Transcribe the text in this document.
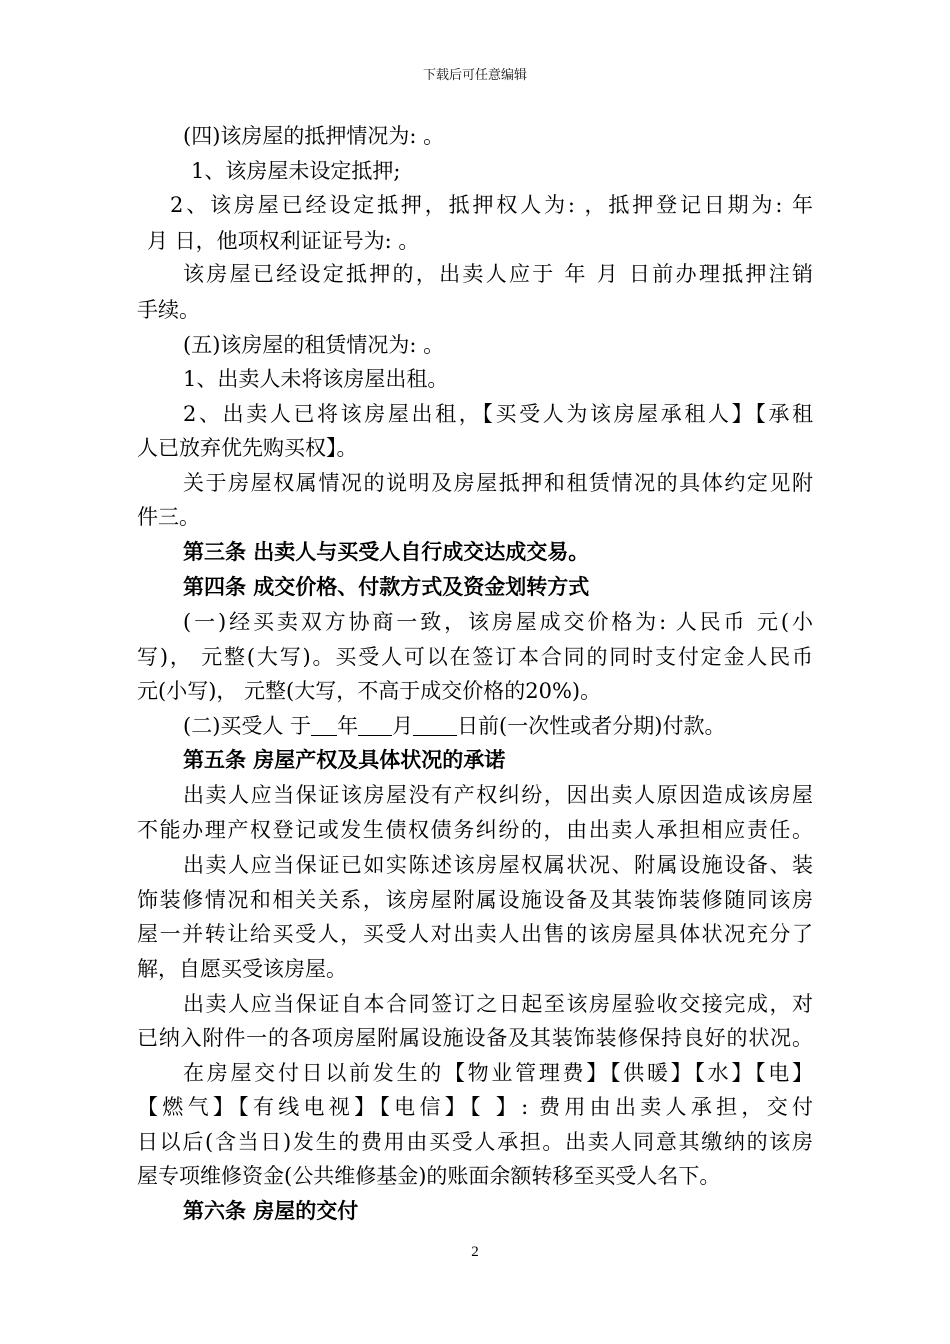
下载后可任意编辑
(四)该房屋的抵押情况为: 。
1、该房屋未设定抵押;
2、该房屋已经设定抵押，抵押权人为: ，抵押登记日期为: 年
月 日，他项权利证证号为: 。
该房屋已经设定抵押的，出卖人应于 年 月 日前办理抵押注销
手续。
(五)该房屋的租赁情况为: 。
1、出卖人未将该房屋出租。
2、出卖人已将该房屋出租，【买受人为该房屋承租人】【承租
人已放弃优先购买权】。
关于房屋权属情况的说明及房屋抵押和租赁情况的具体约定见附
件三。
第三条 出卖人与买受人自行成交达成交易。
第四条 成交价格、付款方式及资金划转方式
(一)经买卖双方协商一致，该房屋成交价格为: 人民币 元(小
写)， 元整(大写)。买受人可以在签订本合同的同时支付定金人民币
元(小写)， 元整(大写，不高于成交价格的20%)。
(二)买受人 于 年 月 日前(一次性或者分期)付款。
第五条 房屋产权及具体状况的承诺
出卖人应当保证该房屋没有产权纠纷，因出卖人原因造成该房屋
不能办理产权登记或发生债权债务纠纷的，由出卖人承担相应责任。
出卖人应当保证已如实陈述该房屋权属状况、附属设施设备、装
饰装修情况和相关关系，该房屋附属设施设备及其装饰装修随同该房
屋一并转让给买受人，买受人对出卖人出售的该房屋具体状况充分了
解，自愿买受该房屋。
出卖人应当保证自本合同签订之日起至该房屋验收交接完成，对
已纳入附件一的各项房屋附属设施设备及其装饰装修保持良好的状况。
在房屋交付日以前发生的【物业管理费】【供暖】【水】【电】
【燃气】【有线电视】【电信】【 】: 费用由出卖人承担，交付
日以后(含当日)发生的费用由买受人承担。出卖人同意其缴纳的该房
屋专项维修资金(公共维修基金)的账面余额转移至买受人名下。
第六条 房屋的交付
2
